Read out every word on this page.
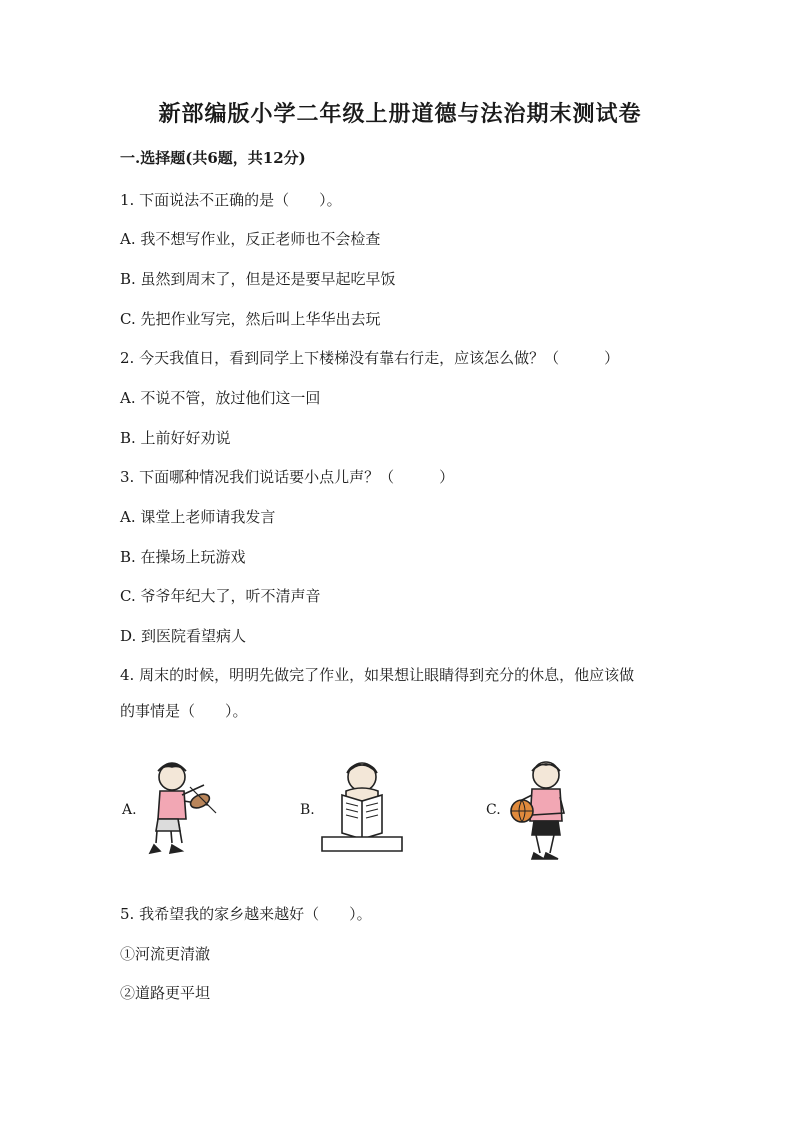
新部编版小学二年级上册道德与法治期末测试卷
一.选择题(共6题，共12分)
1. 下面说法不正确的是（　　）。
A. 我不想写作业，反正老师也不会检查
B. 虽然到周末了，但是还是要早起吃早饭
C. 先把作业写完，然后叫上华华出去玩
2. 今天我值日，看到同学上下楼梯没有靠右行走，应该怎么做？（　　　）
A. 不说不管，放过他们这一回
B. 上前好好劝说
3. 下面哪种情况我们说话要小点儿声？（　　　）
A. 课堂上老师请我发言
B. 在操场上玩游戏
C. 爷爷年纪大了，听不清声音
D. 到医院看望病人
4. 周末的时候，明明先做完了作业，如果想让眼睛得到充分的休息，他应该做
的事情是（　　）。
A.	B.	C.
5. 我希望我的家乡越来越好（　　）。
①河流更清澈
②道路更平坦
